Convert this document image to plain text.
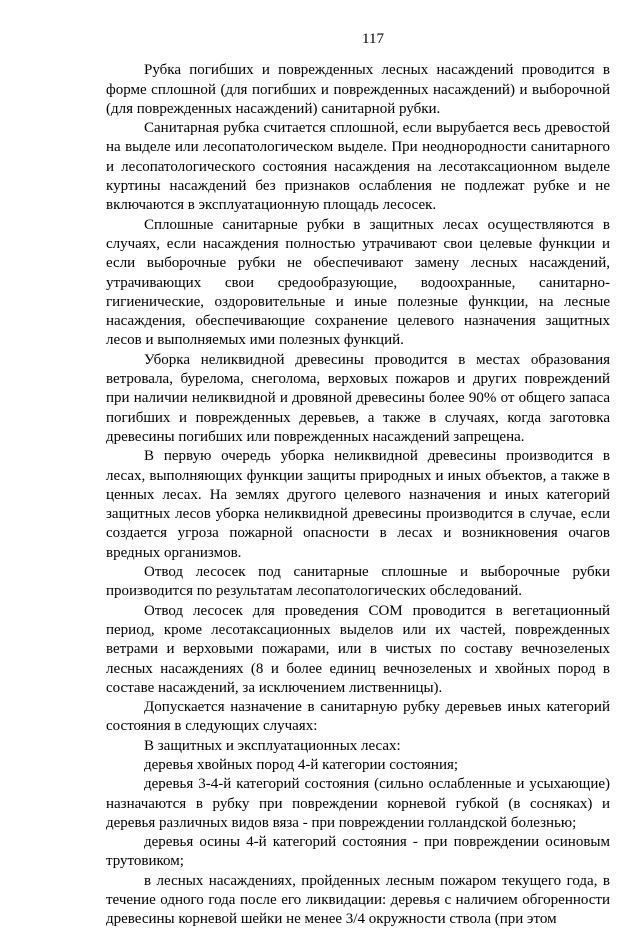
117

Рубка погибших и поврежденных лесных насаждений проводится в форме сплошной (для погибших и поврежденных насаждений) и выборочной (для поврежденных насаждений) санитарной рубки.

Санитарная рубка считается сплошной, если вырубается весь древостой на выделе или лесопатологическом выделе. При неоднородности санитарного и лесопатологического состояния насаждения на лесотаксационном выделе куртины насаждений без признаков ослабления не подлежат рубке и не включаются в эксплуатационную площадь лесосек.

Сплошные санитарные рубки в защитных лесах осуществляются в случаях, если насаждения полностью утрачивают свои целевые функции и если выборочные рубки не обеспечивают замену лесных насаждений, утрачивающих свои средообразующие, водоохранные, санитарно-гигиенические, оздоровительные и иные полезные функции, на лесные насаждения, обеспечивающие сохранение целевого назначения защитных лесов и выполняемых ими полезных функций.

Уборка неликвидной древесины проводится в местах образования ветровала, бурелома, снеголома, верховых пожаров и других повреждений при наличии неликвидной и дровяной древесины более 90% от общего запаса погибших и поврежденных деревьев, а также в случаях, когда заготовка древесины погибших или поврежденных насаждений запрещена.

В первую очередь уборка неликвидной древесины производится в лесах, выполняющих функции защиты природных и иных объектов, а также в ценных лесах. На землях другого целевого назначения и иных категорий защитных лесов уборка неликвидной древесины производится в случае, если создается угроза пожарной опасности в лесах и возникновения очагов вредных организмов.

Отвод лесосек под санитарные сплошные и выборочные рубки производится по результатам лесопатологических обследований.

Отвод лесосек для проведения СОМ проводится в вегетационный период, кроме лесотаксационных выделов или их частей, поврежденных ветрами и верховыми пожарами, или в чистых по составу вечнозеленых лесных насаждениях (8 и более единиц вечнозеленых и хвойных пород в составе насаждений, за исключением лиственницы).

Допускается назначение в санитарную рубку деревьев иных категорий состояния в следующих случаях:

В защитных и эксплуатационных лесах:

деревья хвойных пород 4-й категории состояния;

деревья 3-4-й категорий состояния (сильно ослабленные и усыхающие) назначаются в рубку при повреждении корневой губкой (в сосняках) и деревья различных видов вяза - при повреждении голландской болезнью;

деревья осины 4-й категорий состояния - при повреждении осиновым трутовиком;

в лесных насаждениях, пройденных лесным пожаром текущего года, в течение одного года после его ликвидации: деревья с наличием обгоренности древесины корневой шейки не менее 3/4 окружности ствола (при этом
